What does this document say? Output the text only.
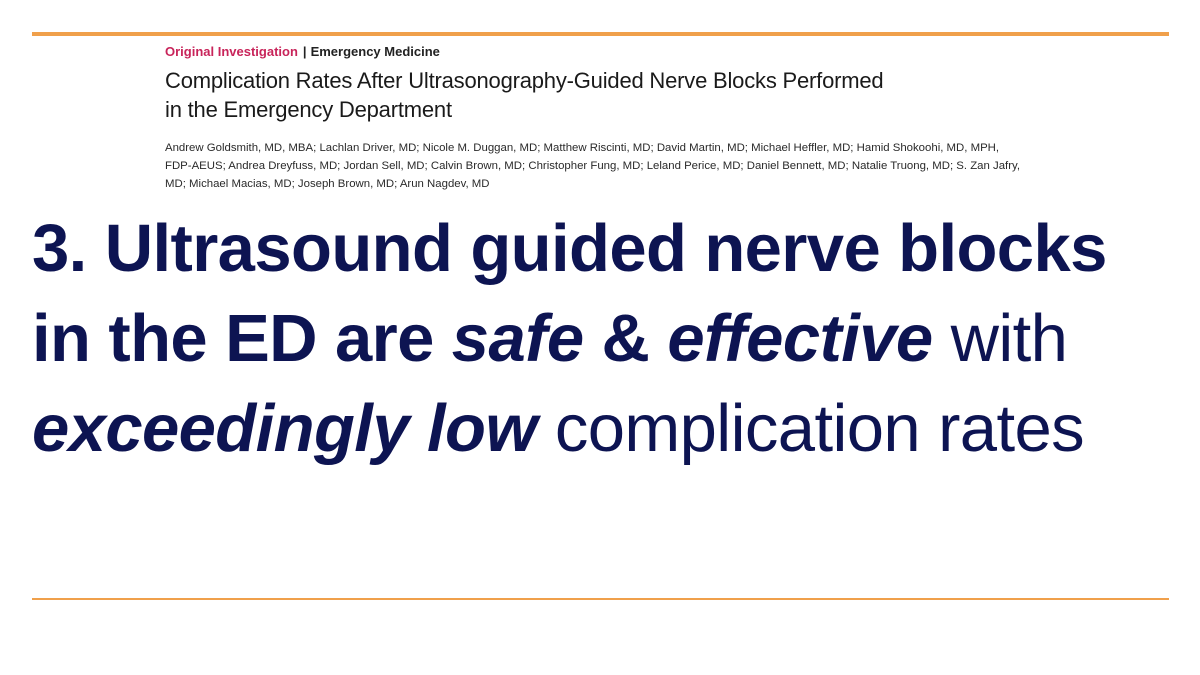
Original Investigation | Emergency Medicine
Complication Rates After Ultrasonography-Guided Nerve Blocks Performed
in the Emergency Department
Andrew Goldsmith, MD, MBA; Lachlan Driver, MD; Nicole M. Duggan, MD; Matthew Riscinti, MD; David Martin, MD; Michael Heffler, MD; Hamid Shokoohi, MD, MPH, FDP-AEUS; Andrea Dreyfuss, MD; Jordan Sell, MD; Calvin Brown, MD; Christopher Fung, MD; Leland Perice, MD; Daniel Bennett, MD; Natalie Truong, MD; S. Zan Jafry, MD; Michael Macias, MD; Joseph Brown, MD; Arun Nagdev, MD
3. Ultrasound guided nerve blocks in the ED are safe & effective with exceedingly low complication rates
